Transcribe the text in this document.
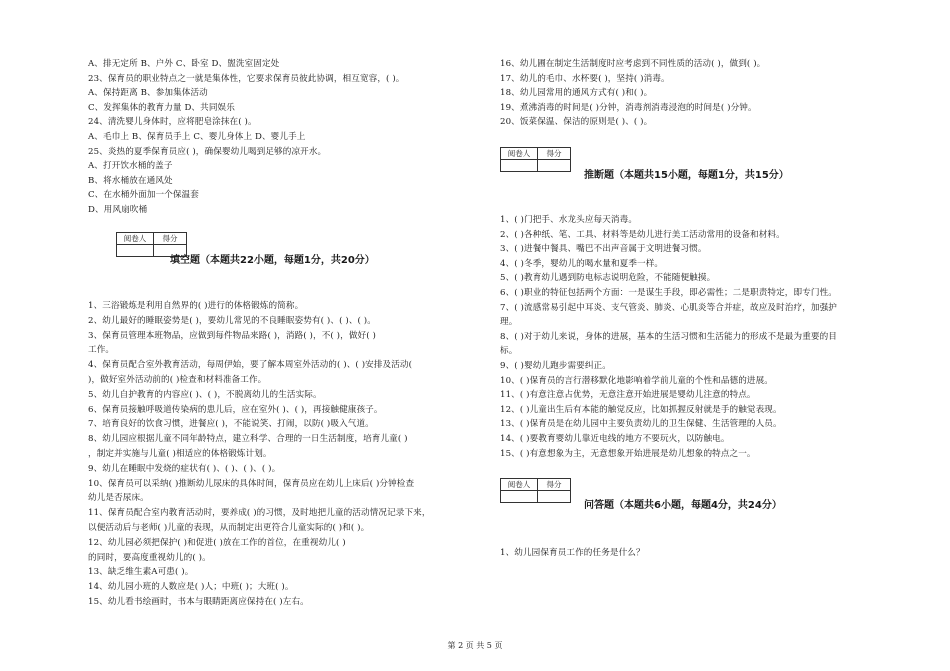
A、排无定所 B、户外 C、卧室 D、盥洗室固定处
23、保育员的职业特点之一就是集体性，它要求保育员彼此协调，相互宽容，( )。
A、保持距离 B、参加集体活动
C、发挥集体的教育力量 D、共同娱乐
24、清洗婴儿身体时，应将肥皂涂抹在( )。
A、毛巾上 B、保育员手上 C、婴儿身体上 D、婴儿手上
25、炎热的夏季保育员应( )，确保婴幼儿喝到足够的凉开水。
A、打开饮水桶的盖子
B、将水桶放在通风处
C、在水桶外面加一个保温套
D、用风扇吹桶
阅卷人	得分

填空题（本题共22小题，每题1分，共20分）
1、三浴锻炼是利用自然界的( )进行的体格锻炼的简称。
2、幼儿最好的睡眠姿势是( )，要幼儿常见的不良睡眠姿势有( )、( )、( )。
3、保育员管理本班物品，应做到每件物品来路( )，消路( )，不( )，做好( )
工作。
4、保育员配合室外教育活动，每周伊始，要了解本周室外活动的( )、( )安排及活动(
)，做好室外活动前的( )检查和材料准备工作。
5、幼儿自护教育的内容应( )、( )，不脱离幼儿的生活实际。
6、保育员接触呼吸道传染病的患儿后，应在室外( )、( )，再接触健康孩子。
7、培育良好的饮食习惯，进餐应( )，不能说笑、打闹，以防( )吸入气道。
8、幼儿园应根据儿童不同年龄特点，建立科学、合理的一日生活制度，培育儿童( )
，制定并实施与儿童( )相适应的体格锻炼计划。
9、幼儿在睡眠中发烧的症状有( )、( )、( )、( )。
10、保育员可以采纳( )推断幼儿尿床的具体时间，保育员应在幼儿上床后( )分钟检查
幼儿是否尿床。
11、保育员配合室内教育活动时，要养成( )的习惯，及时地把儿童的活动情况记录下来，
以便活动后与老师( )儿童的表现，从而制定出更符合儿童实际的( )和( )。
12、幼儿园必须把保护( )和促进( )放在工作的首位，在重视幼儿( )
的同时，要高度重视幼儿的( )。
13、缺乏维生素A可患( )。
14、幼儿园小班的人数应是( )人；中班( )；大班( )。
15、幼儿看书绘画时，书本与眼睛距离应保持在( )左右。
16、幼儿圃在制定生活制度时应考虑到不同性质的活动( )，做到( )。
17、幼儿的毛巾、水杯要( )，坚持( )消毒。
18、幼儿园常用的通风方式有( )和( )。
19、煮沸消毒的时间是( )分钟，消毒剂消毒浸泡的时间是( )分钟。
20、饭菜保温、保洁的原则是( )、( )。
阅卷人	得分

推断题（本题共15小题，每题1分，共15分）
1、( )门把手、水龙头应每天消毒。
2、( )各种纸、笔、工具、材料等是幼儿进行美工活动常用的设备和材料。
3、( )进餐中餐具、嘴巴不出声音属于文明进餐习惯。
4、( )冬季，婴幼儿的喝水量和夏季一样。
5、( )教育幼儿遇到防电标志说明危险，不能随便触摸。
6、( )职业的特征包括两个方面：一是谋生手段，即必需性；二是职责特定，即专门性。
7、( )流感常易引起中耳炎、支气管炎、肺炎、心肌炎等合并症，故应及时治疗，加强护
理。
8、( )对于幼儿来说，身体的进展，基本的生活习惯和生活能力的形成不是最为重要的目
标。
9、( )婴幼儿跑步需要纠正。
10、( )保育员的言行潜移默化地影响着学前儿童的个性和品德的进展。
11、( )有意注意占优势，无意注意开始进展是婴幼儿注意的特点。
12、( )儿童出生后有本能的触觉反应，比如抓握反射就是手的触觉表现。
13、( )保育员是在幼儿园中主要负责幼儿的卫生保健、生活管理的人员。
14、( )要教育婴幼儿靠近电线的地方不要玩火，以防触电。
15、( )有意想象为主，无意想象开始进展是幼儿想象的特点之一。
阅卷人	得分

问答题（本题共6小题，每题4分，共24分）
1、幼儿园保育员工作的任务是什么？
第 2 页 共 5 页
